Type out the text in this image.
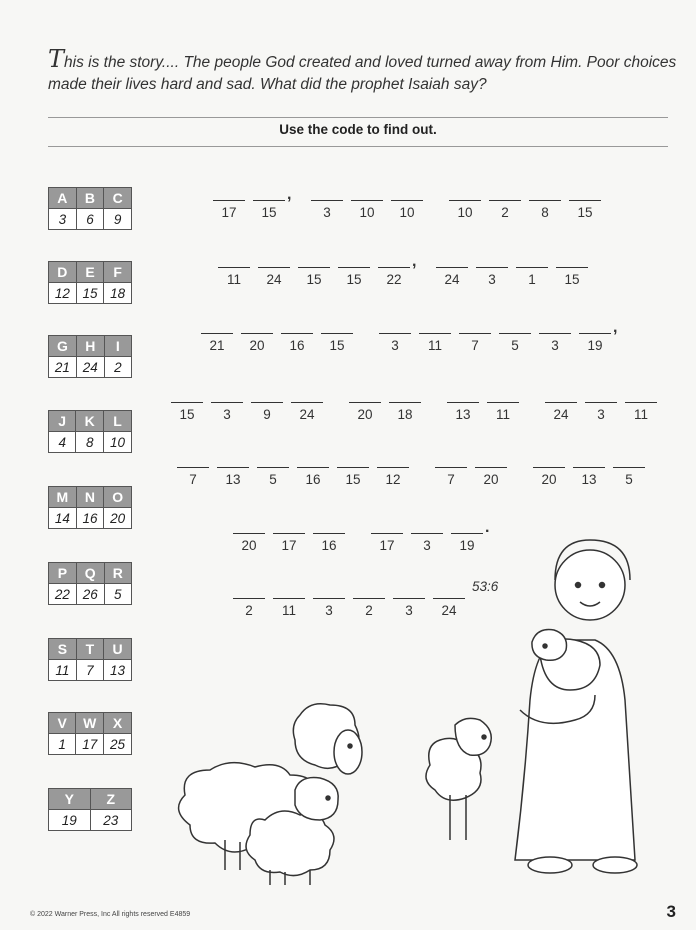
This is the story.... The people God created and loved turned away from Him. Poor choices made their lives hard and sad. What did the prophet Isaiah say?
Use the code to find out.
A	B	C
3	6	9
D	E	F
12	15	18
G	H	I
21	24	2
J	K	L
4	8	10
M	N	O
14	16	20
P	Q	R
22	26	5
S	T	U
11	7	13
V	W	X
1	17	25
Y	Z
19	23
17	15
,
3	10	10	10	2	8	15
11	24	15	15	22
,
24	3	1	15
21	20	16	15	3	11	7	5	3	19
,
15	3	9	24	20	18	13	11	24	3	11
7	13	5	16	15	12	7	20	20	13	5
20	17	16	17	3	19
.
2	11	3	2	3	24
53:6
© 2022 Warner Press, Inc All rights reserved E4859	3
